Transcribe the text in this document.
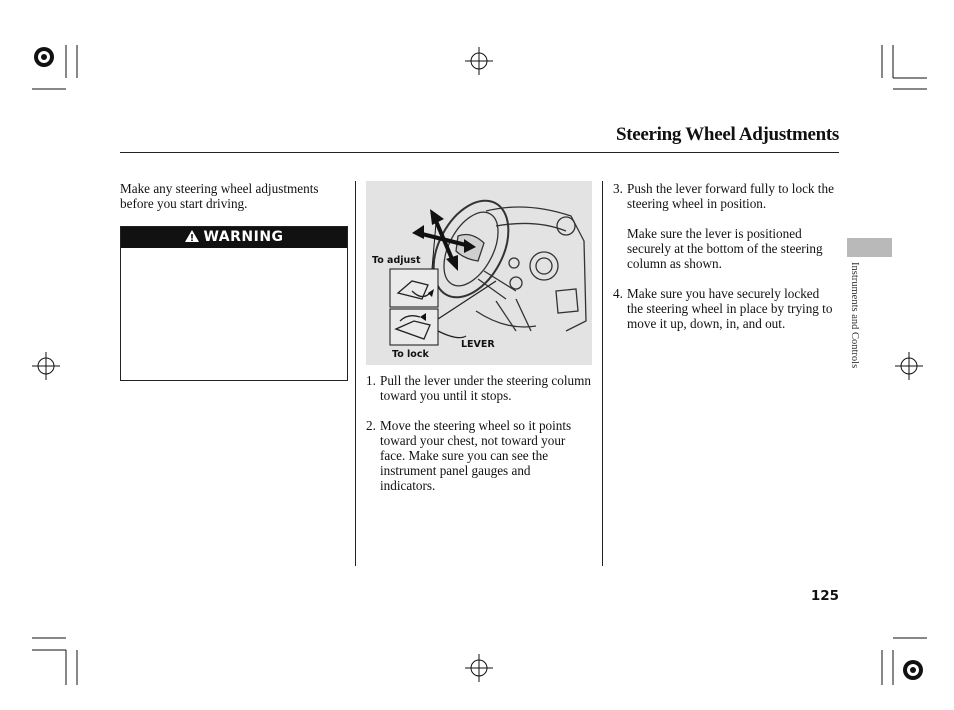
Steering Wheel Adjustments
Make any steering wheel adjustments before you start driving.
WARNING
To adjust
To lock
LEVER
1. Pull the lever under the steering column toward you until it stops.
2. Move the steering wheel so it points toward your chest, not toward your face. Make sure you can see the instrument panel gauges and indicators.
3. Push the lever forward fully to lock the steering wheel in position.
Make sure the lever is positioned securely at the bottom of the steering column as shown.
4. Make sure you have securely locked the steering wheel in place by trying to move it up, down, in, and out.	Instruments and Controls
125
